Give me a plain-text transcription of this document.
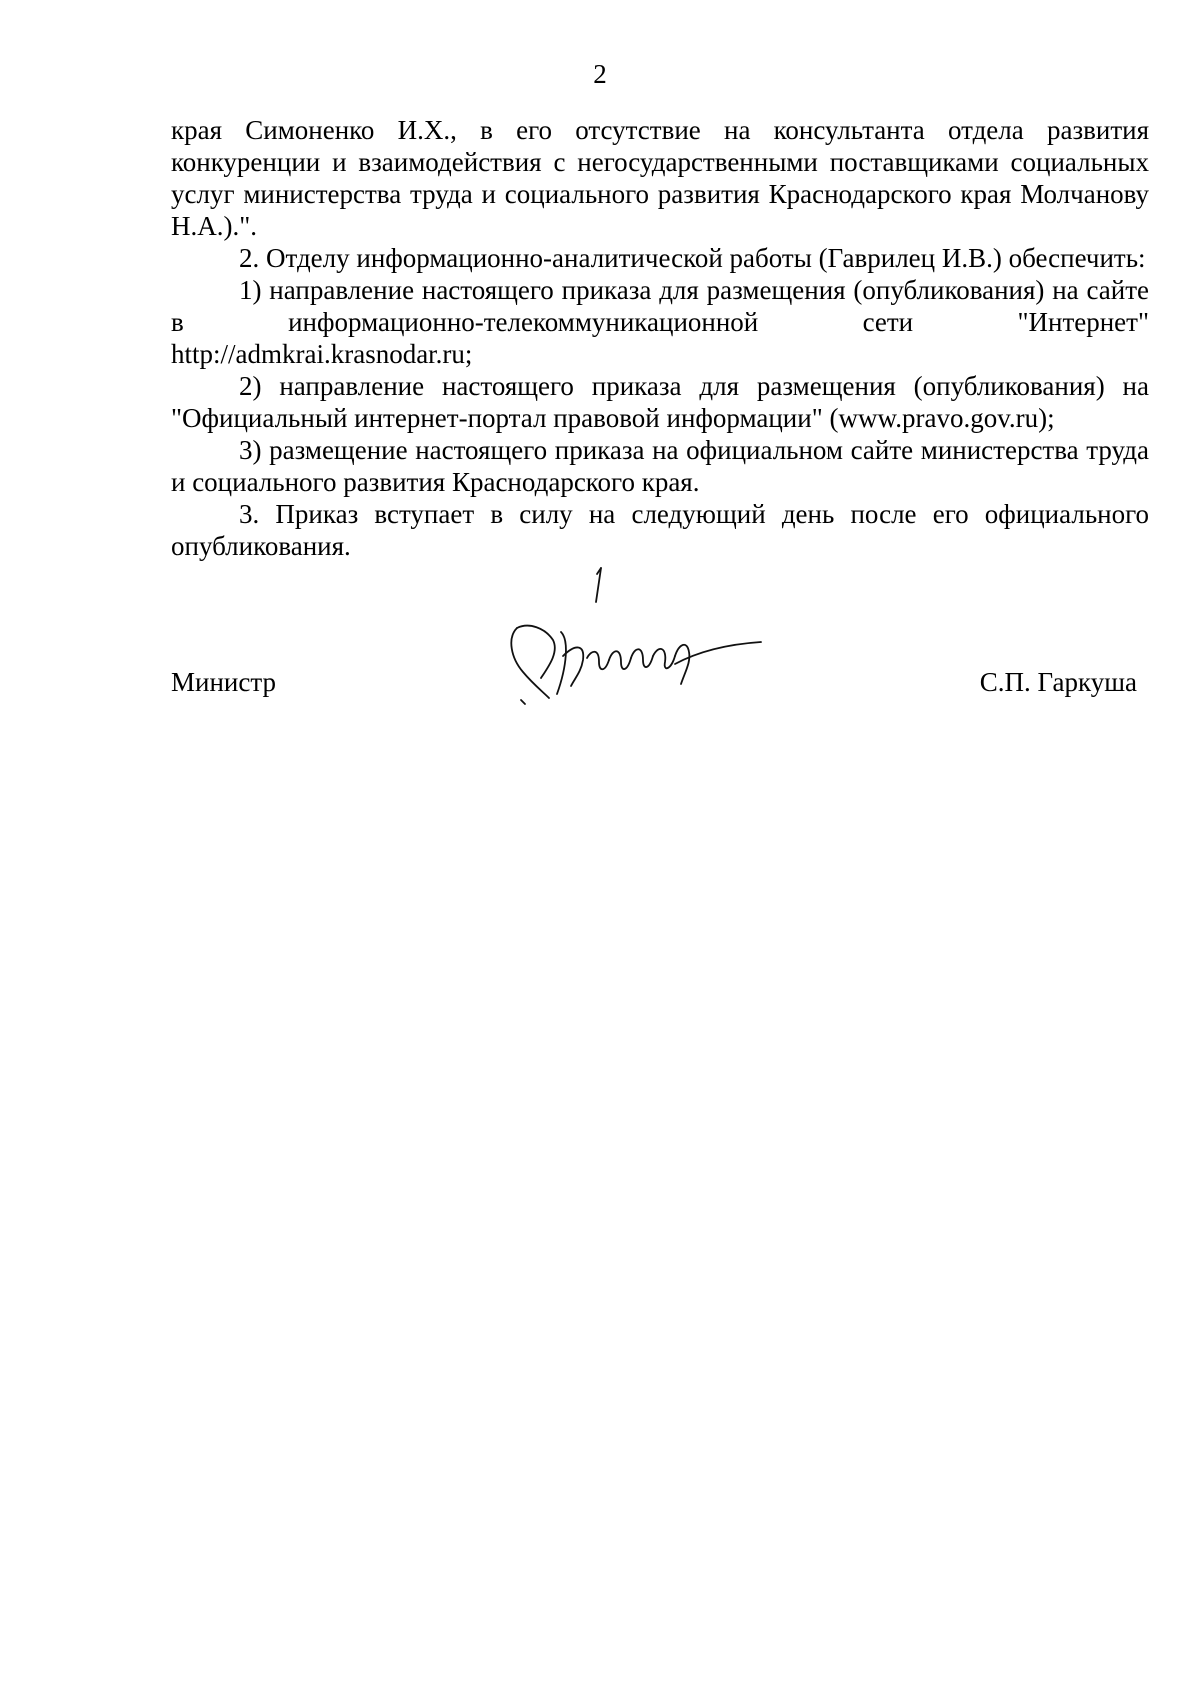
2

края Симоненко И.Х., в его отсутствие на консультанта отдела развития конкуренции и взаимодействия с негосударственными поставщиками социальных услуг министерства труда и социального развития Краснодарского края Молчанову Н.А.).".

2. Отделу информационно-аналитической работы (Гаврилец И.В.) обеспечить:

1) направление настоящего приказа для размещения (опубликования) на сайте в информационно-телекоммуникационной сети "Интернет"

http://admkrai.krasnodar.ru;

2) направление настоящего приказа для размещения (опубликования) на "Официальный интернет-портал правовой информации" (www.pravo.gov.ru);

3) размещение настоящего приказа на официальном сайте министерства труда и социального развития Краснодарского края.

3. Приказ вступает в силу на следующий день после его официального опубликования.

Министр	С.П. Гаркуша
